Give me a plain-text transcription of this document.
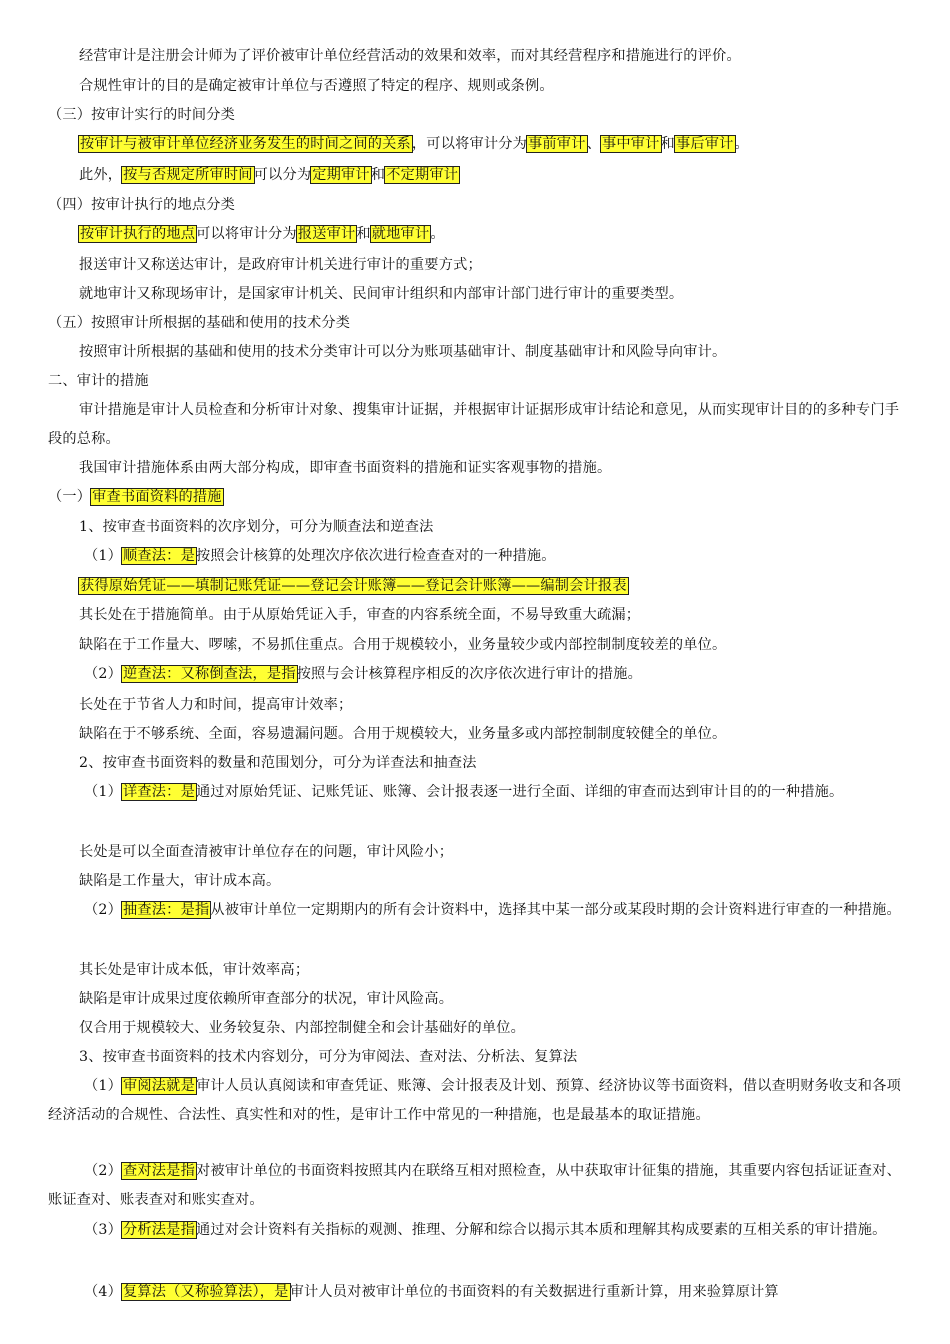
经营审计是注册会计师为了评价被审计单位经营活动的效果和效率，而对其经营程序和措施进行的评价。
合规性审计的目的是确定被审计单位与否遵照了特定的程序、规则或条例。
（三）按审计实行的时间分类
按审计与被审计单位经济业务发生的时间之间的关系，可以将审计分为事前审计、事中审计和事后审计。
此外，按与否规定所审时间可以分为定期审计和不定期审计
（四）按审计执行的地点分类
按审计执行的地点可以将审计分为报送审计和就地审计。
报送审计又称送达审计，是政府审计机关进行审计的重要方式；
就地审计又称现场审计，是国家审计机关、民间审计组织和内部审计部门进行审计的重要类型。
（五）按照审计所根据的基础和使用的技术分类
按照审计所根据的基础和使用的技术分类审计可以分为账项基础审计、制度基础审计和风险导向审计。
二、审计的措施
审计措施是审计人员检查和分析审计对象、搜集审计证据，并根据审计证据形成审计结论和意见，从而实现审计目的的多种专门手段的总称。
我国审计措施体系由两大部分构成，即审查书面资料的措施和证实客观事物的措施。
（一）审查书面资料的措施
1、按审查书面资料的次序划分，可分为顺查法和逆查法
（1）顺查法：是按照会计核算的处理次序依次进行检查查对的一种措施。
获得原始凭证——填制记账凭证——登记会计账簿——登记会计账簿——编制会计报表
其长处在于措施简单。由于从原始凭证入手，审查的内容系统全面，不易导致重大疏漏；
缺陷在于工作量大、啰嗦，不易抓住重点。合用于规模较小，业务量较少或内部控制制度较差的单位。
（2）逆查法：又称倒查法，是指按照与会计核算程序相反的次序依次进行审计的措施。
长处在于节省人力和时间，提高审计效率；
缺陷在于不够系统、全面，容易遗漏问题。合用于规模较大，业务量多或内部控制制度较健全的单位。
2、按审查书面资料的数量和范围划分，可分为详查法和抽查法
（1）详查法：是通过对原始凭证、记账凭证、账簿、会计报表逐一进行全面、详细的审查而达到审计目的的一种措施。
长处是可以全面查清被审计单位存在的问题，审计风险小；
缺陷是工作量大，审计成本高。
（2）抽查法：是指从被审计单位一定期期内的所有会计资料中，选择其中某一部分或某段时期的会计资料进行审查的一种措施。
其长处是审计成本低，审计效率高；
缺陷是审计成果过度依赖所审查部分的状况，审计风险高。
仅合用于规模较大、业务较复杂、内部控制健全和会计基础好的单位。
3、按审查书面资料的技术内容划分，可分为审阅法、查对法、分析法、复算法
（1）审阅法就是审计人员认真阅读和审查凭证、账簿、会计报表及计划、预算、经济协议等书面资料，借以查明财务收支和各项经济活动的合规性、合法性、真实性和对的性，是审计工作中常见的一种措施，也是最基本的取证措施。
（2）查对法是指对被审计单位的书面资料按照其内在联络互相对照检查，从中获取审计征集的措施，其重要内容包括证证查对、账证查对、账表查对和账实查对。
（3）分析法是指通过对会计资料有关指标的观测、推理、分解和综合以揭示其本质和理解其构成要素的互相关系的审计措施。
（4）复算法（又称验算法），是审计人员对被审计单位的书面资料的有关数据进行重新计算，用来验算原计算
